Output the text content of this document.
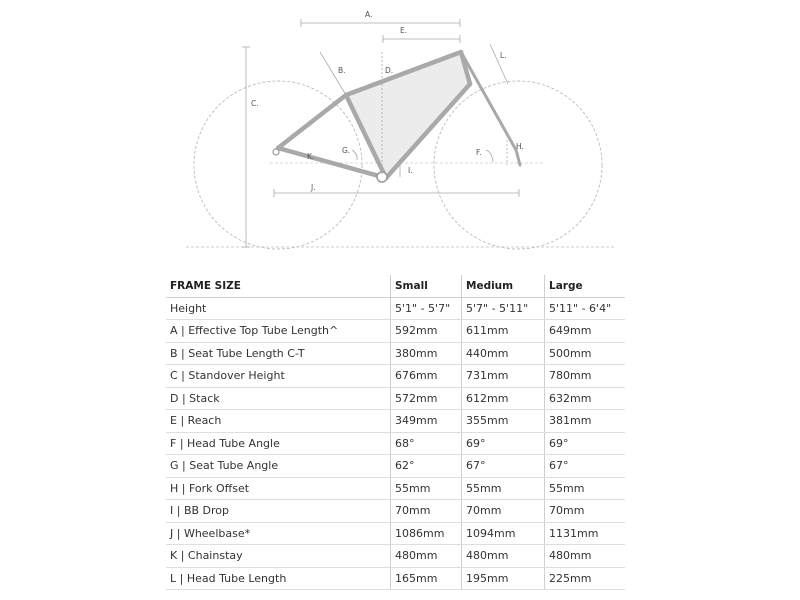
A.
E.
B.	D.
L.
C.
G.
K.	F.
H.
I.
J.
FRAME SIZE	Small	Medium	Large
Height	5'1" - 5'7"	5'7" - 5'11"	5'11" - 6'4"
A | Effective Top Tube Length^	592mm	611mm	649mm
B | Seat Tube Length C-T	380mm	440mm	500mm
C | Standover Height	676mm	731mm	780mm
D | Stack	572mm	612mm	632mm
E | Reach	349mm	355mm	381mm
F | Head Tube Angle	68°	69°	69°
G | Seat Tube Angle	62°	67°	67°
H | Fork Offset	55mm	55mm	55mm
I | BB Drop	70mm	70mm	70mm
J | Wheelbase*	1086mm	1094mm	1131mm
K | Chainstay	480mm	480mm	480mm
L | Head Tube Length	165mm	195mm	225mm
